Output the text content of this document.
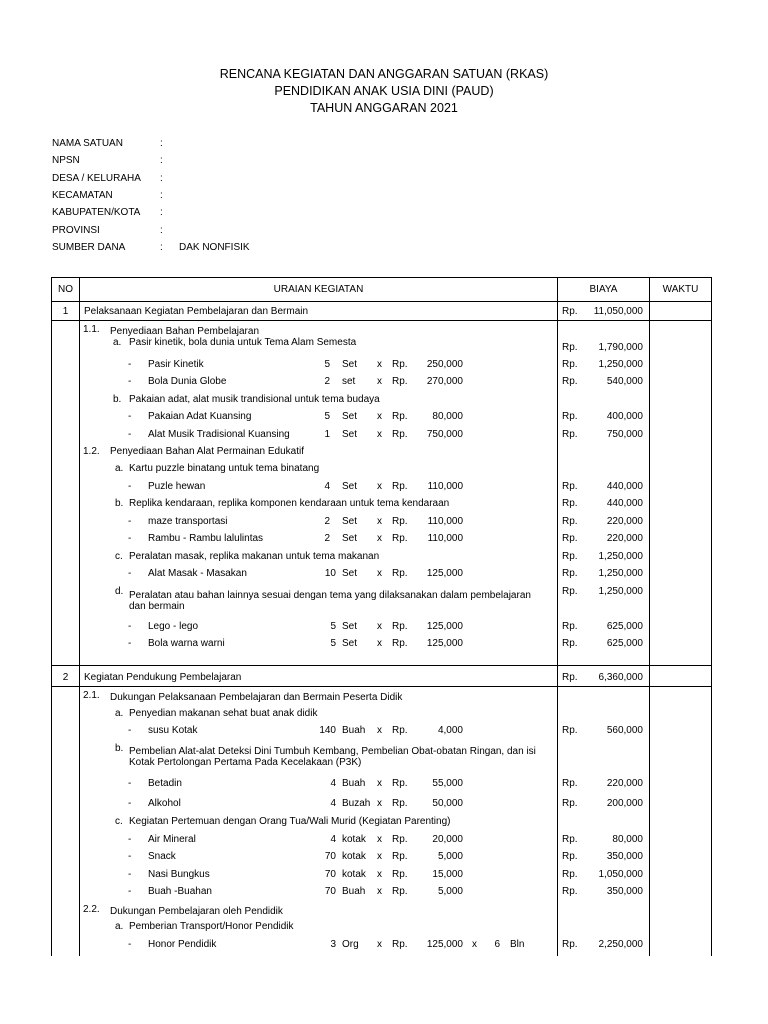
RENCANA KEGIATAN DAN ANGGARAN SATUAN (RKAS)
PENDIDIKAN ANAK USIA DINI (PAUD)
TAHUN ANGGARAN 2021
NAMA SATUAN	:
NPSN	:
DESA / KELURAHA :
KECAMATAN	:
KABUPATEN/KOTA :
PROVINSI	:
SUMBER DANA	: DAK NONFISIK
NO	URAIAN KEGIATAN	BIAYA	WAKTU
1	Pelaksanaan Kegiatan Pembelajaran dan Bermain	Rp.	11,050,000
1.1. Penyediaan Bahan Pembelajaran
a. Pasir kinetik, bola dunia untuk Tema Alam Semesta	Rp.	1,790,000
- Pasir Kinetik	5 Set x Rp.	250,000	Rp.	1,250,000
- Bola Dunia Globe	2 set x Rp.	270,000	Rp.	540,000
b. Pakaian adat, alat musik trandisional untuk tema budaya
- Pakaian Adat Kuansing	5 Set x Rp.	80,000	Rp.	400,000
- Alat Musik Tradisional Kuansing	1 Set x Rp.	750,000	Rp.	750,000
1.2. Penyediaan Bahan Alat Permainan Edukatif
a. Kartu puzzle binatang untuk tema binatang
- Puzle hewan	4 Set x Rp.	110,000	Rp.	440,000
b. Replika kendaraan, replika komponen kendaraan untuk tema kendaraan	Rp.	440,000
- maze transportasi	2 Set x Rp.	110,000	Rp.	220,000
- Rambu - Rambu lalulintas	2 Set x Rp.	110,000	Rp.	220,000
c. Peralatan masak, replika makanan untuk tema makanan	Rp.	1,250,000
- Alat Masak - Masakan	10 Set x Rp.	125,000	Rp.	1,250,000
d. Peralatan atau bahan lainnya sesuai dengan tema yang dilaksanakan dalam pembelajaran
dan bermain
Rp.	1,250,000
- Lego - lego	5 Set x Rp.	125,000	Rp.	625,000
- Bola warna warni	5 Set x Rp.	125,000	Rp.	625,000
2	Kegiatan Pendukung Pembelajaran	Rp.	6,360,000
2.1. Dukungan Pelaksanaan Pembelajaran dan Bermain Peserta Didik
a. Penyedian makanan sehat buat anak didik
- susu Kotak	140 Buah x Rp.	4,000	Rp.	560,000
b. Pembelian Alat-alat Deteksi Dini Tumbuh Kembang, Pembelian Obat-obatan Ringan, dan isi
Kotak Pertolongan Pertama Pada Kecelakaan (P3K)
- Betadin	4 Buah x Rp.	55,000	Rp.	220,000
- Alkohol	4 Buzah x Rp.	50,000	Rp.	200,000
c. Kegiatan Pertemuan dengan Orang Tua/Wali Murid (Kegiatan Parenting)
- Air Mineral	4 kotak x Rp.	20,000	Rp.	80,000
- Snack	70 kotak x Rp.	5,000	Rp.	350,000
- Nasi Bungkus	70 kotak x Rp.	15,000	Rp.	1,050,000
- Buah -Buahan	70 Buah x Rp.	5,000	Rp.	350,000
2.2. Dukungan Pembelajaran oleh Pendidik
a. Pemberian Transport/Honor Pendidik
- Honor Pendidik	3 Org x Rp.	125,000 x	6 Bln	Rp.	2,250,000
